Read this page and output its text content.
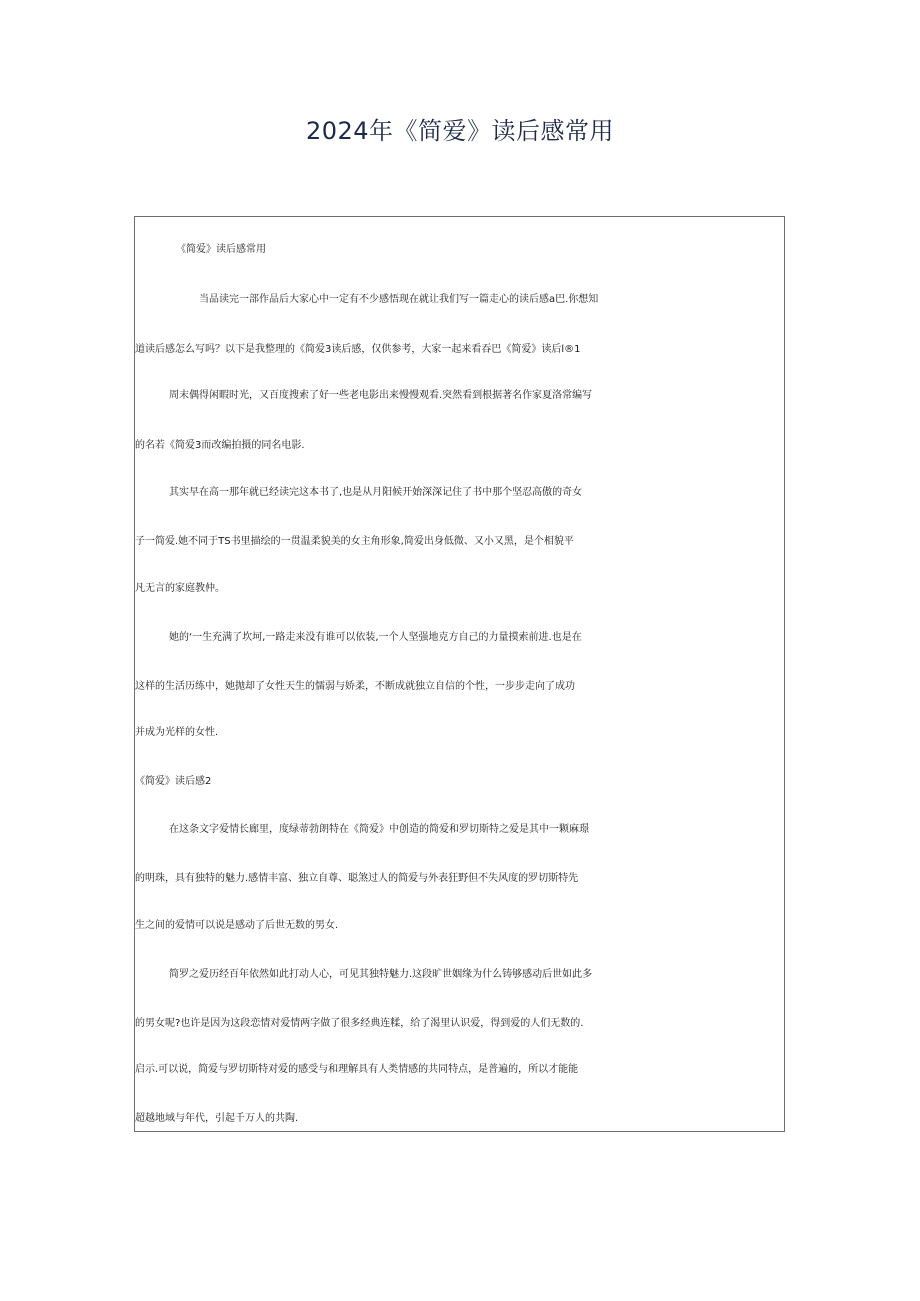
2024年《简爱》读后感常用
《简爱》读后感常用
当品读完一部作品后大家心中一定有不少感悟现在就让我们写一篇走心的读后感a巴.你想知
道读后感怎么写吗？以下是我整理的《简爱3读后感，仅供参考，大家一起来看吞巴《简爱》读后l®1
周末偶得闲暇时光，又百度搜索了好一些老电影出来慢慢观看.突然看到根据著名作家夏洛常编写
的名若《简爱3而改编拍摄的同名电影.
其实早在高一那年就已经读完这本书了,也是从月阳候开始深深记住了书中那个坚忍高傲的奇女
子一简爱.她不同于TS书里描绘的一贯温柔貌美的女主角形象,简爱出身低微、又小又黑，是个相貌平
凡无言的家庭教仲。
她的‘一生充满了坎坷,一路走来没有谁可以依装,一个人坚强地克方自己的力量摸索前进.也是在
这样的生活历练中，她抛却了女性天生的懦弱与娇柔，不断成就独立自信的个性，一步步走向了成功
并成为光样的女性.
《简爱》读后感2
在这条文字爱情长廊里，度绿蒂勃朗特在《简爱》中创造的简爱和罗切斯特之爱是其中一颗麻璟
的明珠，具有独特的魅力.感情丰富、独立自尊、聪煞过人的简爱与外表狂野但不失风度的罗切斯特先
生之间的爱情可以说是感动了后世无数的男女.
简罗之爱历经百年依然如此打动人心，可见其独特魅力.这段旷世姻缘为什么铸够感动后世如此多
的男女呢?也许是因为这段恋情对爱情两字做了很多经典连糅，给了渴里认识爱，得到爱的人们无数的.
启示.可以说，简爱与罗切斯特对爱的感受与和理解具有人类情感的共同特点，是普遍的，所以才能能
超越地域与年代，引起千万人的共陶.
